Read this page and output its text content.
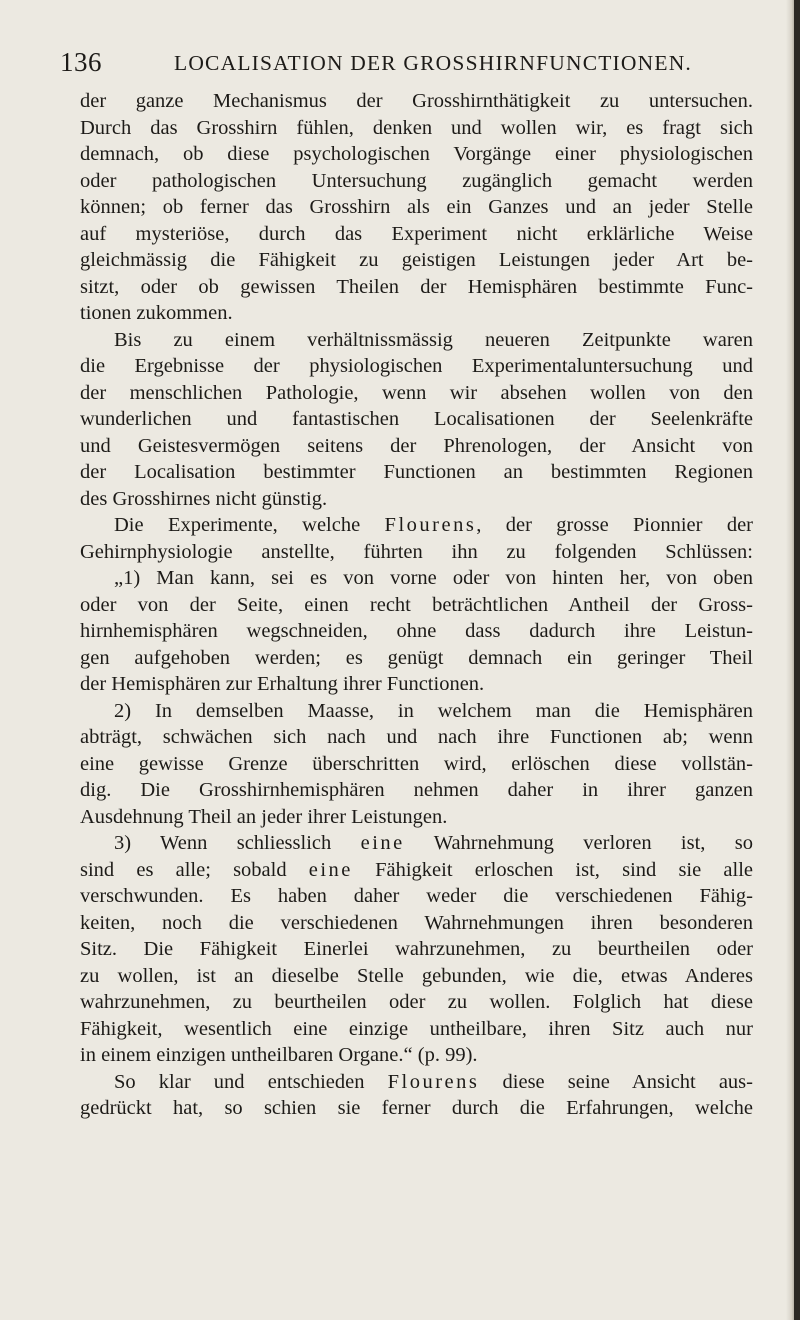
136	LOCALISATION DER GROSSHIRNFUNCTIONEN.
der ganze Mechanismus der Grosshirnthätigkeit zu untersuchen.
Durch das Grosshirn fühlen, denken und wollen wir, es fragt sich
demnach, ob diese psychologischen Vorgänge einer physiologischen
oder pathologischen Untersuchung zugänglich gemacht werden
können; ob ferner das Grosshirn als ein Ganzes und an jeder Stelle
auf mysteriöse, durch das Experiment nicht erklärliche Weise
gleichmässig die Fähigkeit zu geistigen Leistungen jeder Art be-
sitzt, oder ob gewissen Theilen der Hemisphären bestimmte Func-
tionen zukommen.
Bis zu einem verhältnissmässig neueren Zeitpunkte waren
die Ergebnisse der physiologischen Experimentaluntersuchung und
der menschlichen Pathologie, wenn wir absehen wollen von den
wunderlichen und fantastischen Localisationen der Seelenkräfte
und Geistesvermögen seitens der Phrenologen, der Ansicht von
der Localisation bestimmter Functionen an bestimmten Regionen
des Grosshirnes nicht günstig.
Die Experimente, welche Flourens, der grosse Pionnier der
Gehirnphysiologie anstellte, führten ihn zu folgenden Schlüssen:
„1) Man kann, sei es von vorne oder von hinten her, von oben
oder von der Seite, einen recht beträchtlichen Antheil der Gross-
hirnhemisphären wegschneiden, ohne dass dadurch ihre Leistun-
gen aufgehoben werden; es genügt demnach ein geringer Theil
der Hemisphären zur Erhaltung ihrer Functionen.
2) In demselben Maasse, in welchem man die Hemisphären
abträgt, schwächen sich nach und nach ihre Functionen ab; wenn
eine gewisse Grenze überschritten wird, erlöschen diese vollstän-
dig. Die Grosshirnhemisphären nehmen daher in ihrer ganzen
Ausdehnung Theil an jeder ihrer Leistungen.
3) Wenn schliesslich eine Wahrnehmung verloren ist, so
sind es alle; sobald eine Fähigkeit erloschen ist, sind sie alle
verschwunden. Es haben daher weder die verschiedenen Fähig-
keiten, noch die verschiedenen Wahrnehmungen ihren besonderen
Sitz. Die Fähigkeit Einerlei wahrzunehmen, zu beurtheilen oder
zu wollen, ist an dieselbe Stelle gebunden, wie die, etwas Anderes
wahrzunehmen, zu beurtheilen oder zu wollen. Folglich hat diese
Fähigkeit, wesentlich eine einzige untheilbare, ihren Sitz auch nur
in einem einzigen untheilbaren Organe.“ (p. 99).
So klar und entschieden Flourens diese seine Ansicht aus-
gedrückt hat, so schien sie ferner durch die Erfahrungen, welche
